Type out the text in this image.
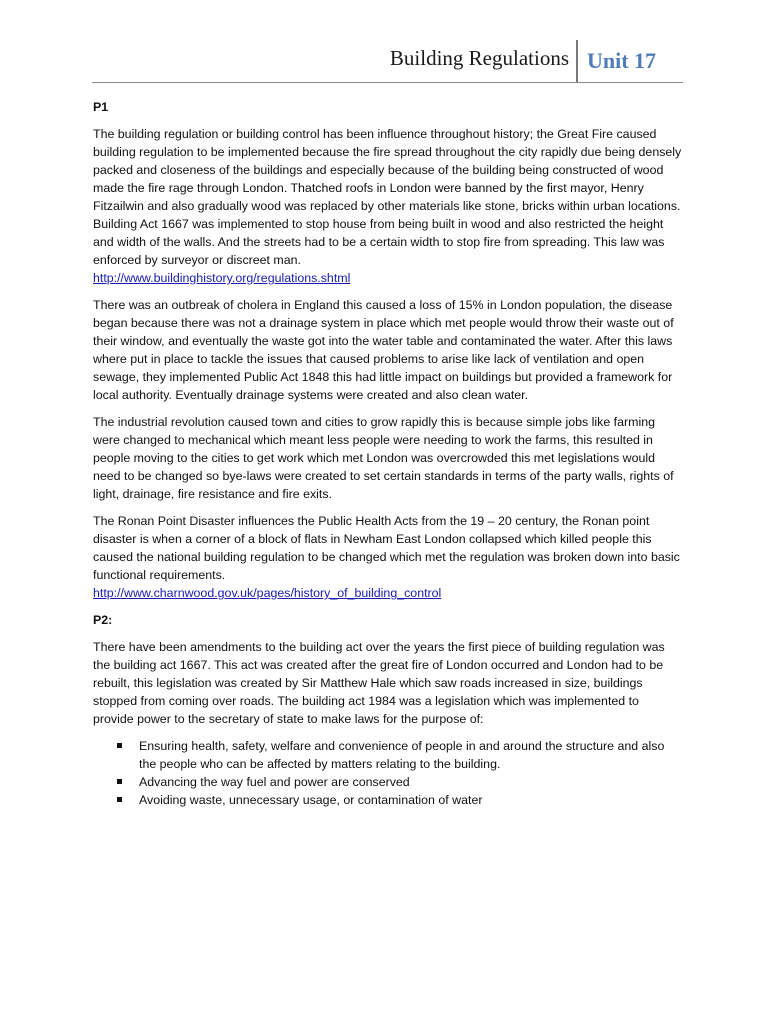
Building Regulations Unit 17

P1

The building regulation or building control has been influence throughout history; the Great Fire caused building regulation to be implemented because the fire spread throughout the city rapidly due being densely packed and closeness of the buildings and especially because of the building being constructed of wood made the fire rage through London. Thatched roofs in London were banned by the first mayor, Henry Fitzailwin and also gradually wood was replaced by other materials like stone, bricks within urban locations. Building Act 1667 was implemented to stop house from being built in wood and also restricted the height and width of the walls. And the streets had to be a certain width to stop fire from spreading. This law was enforced by surveyor or discreet man.
http://www.buildinghistory.org/regulations.shtml

There was an outbreak of cholera in England this caused a loss of 15% in London population, the disease began because there was not a drainage system in place which met people would throw their waste out of their window, and eventually the waste got into the water table and contaminated the water. After this laws where put in place to tackle the issues that caused problems to arise like lack of ventilation and open sewage, they implemented Public Act 1848 this had little impact on buildings but provided a framework for local authority. Eventually drainage systems were created and also clean water.

The industrial revolution caused town and cities to grow rapidly this is because simple jobs like farming were changed to mechanical which meant less people were needing to work the farms, this resulted in people moving to the cities to get work which met London was overcrowded this met legislations would need to be changed so bye-laws were created to set certain standards in terms of the party walls, rights of light, drainage, fire resistance and fire exits.

The Ronan Point Disaster influences the Public Health Acts from the 19 – 20 century, the Ronan point disaster is when a corner of a block of flats in Newham East London collapsed which killed people this caused the national building regulation to be changed which met the regulation was broken down into basic functional requirements.
http://www.charnwood.gov.uk/pages/history_of_building_control

P2:

There have been amendments to the building act over the years the first piece of building regulation was the building act 1667. This act was created after the great fire of London occurred and London had to be rebuilt, this legislation was created by Sir Matthew Hale which saw roads increased in size, buildings stopped from coming over roads. The building act 1984 was a legislation which was implemented to provide power to the secretary of state to make laws for the purpose of:

Ensuring health, safety, welfare and convenience of people in and around the structure and also the people who can be affected by matters relating to the building.
Advancing the way fuel and power are conserved
Avoiding waste, unnecessary usage, or contamination of water
